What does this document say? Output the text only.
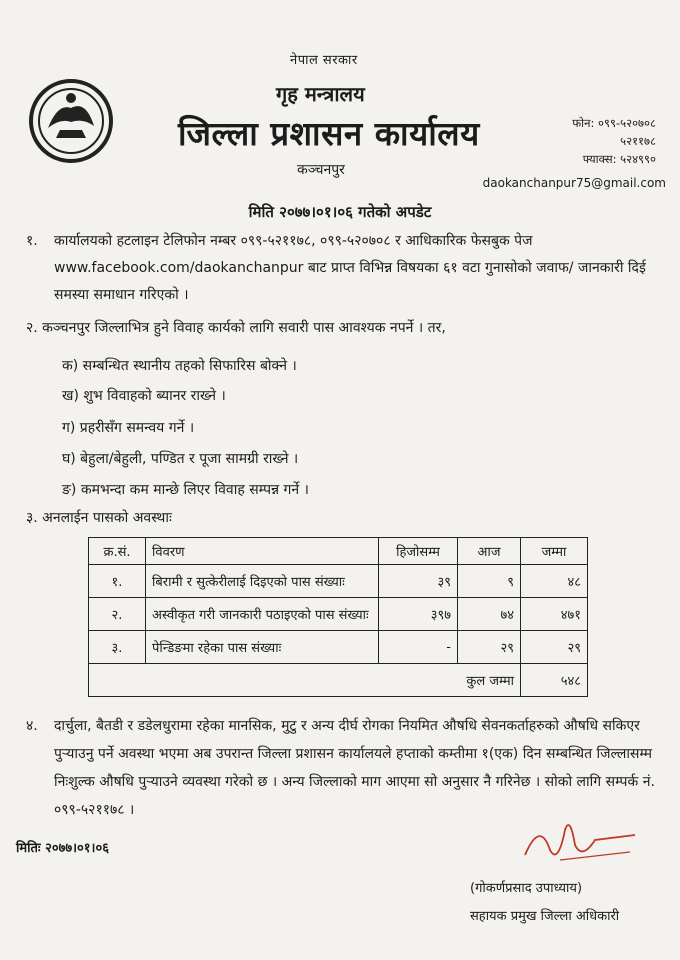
नेपाल सरकार
गृह मन्त्रालय
जिल्ला प्रशासन कार्यालय
कञ्चनपुर
फोन: ०९९-५२०७०८
५२११७८
फ्याक्स: ५२४९९०
daokanchanpur75@gmail.com
मिति २०७७।०१।०६ गतेको अपडेट
१. कार्यालयको हटलाइन टेलिफोन नम्बर ०९९-५२११७८, ०९९-५२०७०८ र आधिकारिक फेसबुक पेज www.facebook.com/daokanchanpur बाट प्राप्त विभिन्न विषयका ६१ वटा गुनासोको जवाफ/ जानकारी दिई समस्या समाधान गरिएको ।
२. कञ्चनपुर जिल्लाभित्र हुने विवाह कार्यको लागि सवारी पास आवश्यक नपर्ने । तर,
क) सम्बन्धित स्थानीय तहको सिफारिस बोक्ने ।
ख) शुभ विवाहको ब्यानर राख्ने ।
ग) प्रहरीसँग समन्वय गर्ने ।
घ) बेहुला/बेहुली, पण्डित र पूजा सामग्री राख्ने ।
ङ) कमभन्दा कम मान्छे लिएर विवाह सम्पन्न गर्ने ।
३. अनलाईन पासको अवस्थाः
क्र.सं.	विवरण	हिजोसम्म	आज	जम्मा
१.	बिरामी र सुत्केरीलाई दिइएको पास संख्याः	३९	९	४८
२.	अस्वीकृत गरी जानकारी पठाइएको पास संख्याः	३९७	७४	४७१
३.	पेन्डिङमा रहेका पास संख्याः	-	२९	२९
कुल जम्मा				५४८
४. दार्चुला, बैतडी र डडेलधुरामा रहेका मानसिक, मुटु र अन्य दीर्घ रोगका नियमित औषधि सेवनकर्ताहरुको औषधि सकिएर पुऱ्याउनु पर्ने अवस्था भएमा अब उपरान्त जिल्ला प्रशासन कार्यालयले हप्ताको कम्तीमा १(एक) दिन सम्बन्धित जिल्लासम्म निःशुल्क औषधि पुऱ्याउने व्यवस्था गरेको छ । अन्य जिल्लाको माग आएमा सो अनुसार नै गरिनेछ । सोको लागि सम्पर्क नं. ०९९-५२११७८ ।
मितिः २०७७।०१।०६
(गोकर्णप्रसाद उपाध्याय)
सहायक प्रमुख जिल्ला अधिकारी
